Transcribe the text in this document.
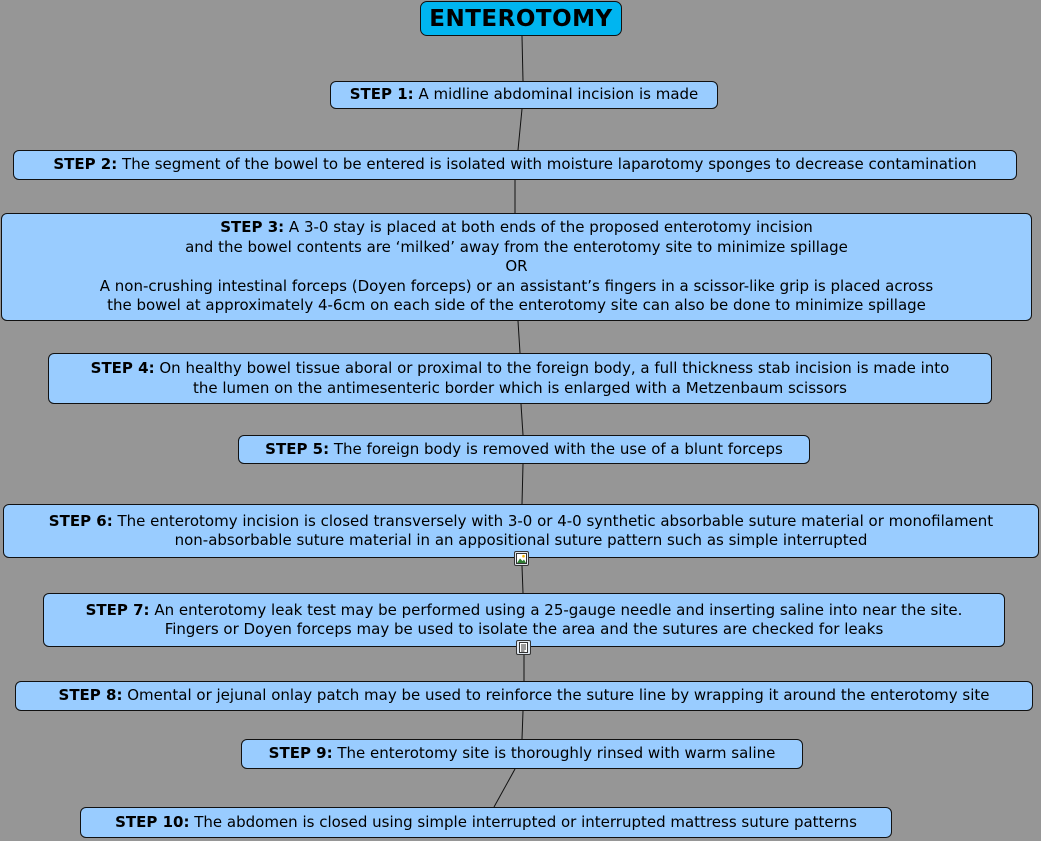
ENTEROTOMY
STEP 1: A midline abdominal incision is made
STEP 2: The segment of the bowel to be entered is isolated with moisture laparotomy sponges to decrease contamination
STEP 3: A 3-0 stay is placed at both ends of the proposed enterotomy incision
and the bowel contents are ‘milked’ away from the enterotomy site to minimize spillage
OR
A non-crushing intestinal forceps (Doyen forceps) or an assistant’s fingers in a scissor-like grip is placed across
the bowel at approximately 4-6cm on each side of the enterotomy site can also be done to minimize spillage
STEP 4: On healthy bowel tissue aboral or proximal to the foreign body, a full thickness stab incision is made into
the lumen on the antimesenteric border which is enlarged with a Metzenbaum scissors
STEP 5: The foreign body is removed with the use of a blunt forceps
STEP 6: The enterotomy incision is closed transversely with 3-0 or 4-0 synthetic absorbable suture material or monofilament
non-absorbable suture material in an appositional suture pattern such as simple interrupted
STEP 7: An enterotomy leak test may be performed using a 25-gauge needle and inserting saline into near the site.
Fingers or Doyen forceps may be used to isolate the area and the sutures are checked for leaks
STEP 8: Omental or jejunal onlay patch may be used to reinforce the suture line by wrapping it around the enterotomy site
STEP 9: The enterotomy site is thoroughly rinsed with warm saline
STEP 10: The abdomen is closed using simple interrupted or interrupted mattress suture patterns
